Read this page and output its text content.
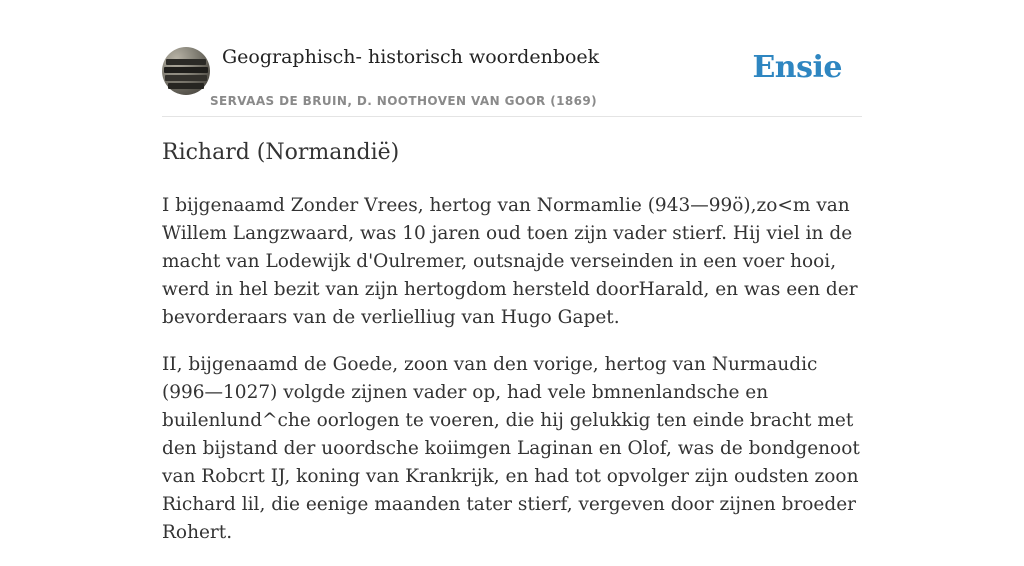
Geographisch- historisch woordenboek
SERVAAS DE BRUIN, D. NOOTHOVEN VAN GOOR (1869)
Ensie
Richard (Normandië)

I bijgenaamd Zonder Vrees, hertog van Normamlie (943—99ö),zo<m van Willem Langzwaard, was 10 jaren oud toen zijn vader stierf. Hij viel in de macht van Lodewijk d'Oulremer, outsnajde verseinden in een voer hooi, werd in hel bezit van zijn hertogdom hersteld doorHarald, en was een der bevorderaars van de verlielliug van Hugo Gapet.

II, bijgenaamd de Goede, zoon van den vorige, hertog van Nurmaudic (996—1027) volgde zijnen vader op, had vele bmnenlandsche en builenlund^che oorlogen te voeren, die hij gelukkig ten einde bracht met den bijstand der uoordsche koiimgen Laginan en Olof, was de bondgenoot van Robcrt IJ, koning van Krankrijk, en had tot opvolger zijn oudsten zoon Richard lil, die eenige maanden tater stierf, vergeven door zijnen broeder Rohert.
